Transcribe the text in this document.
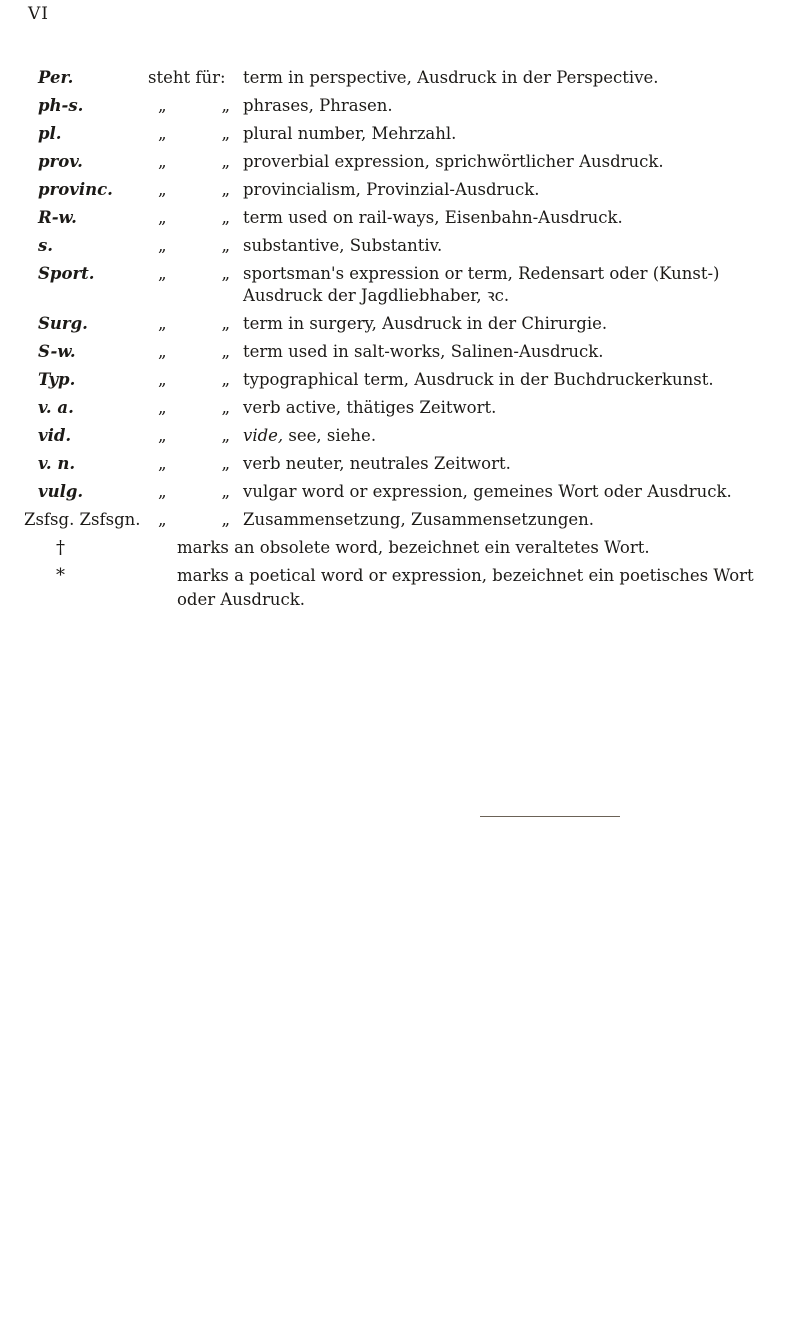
VI
Per.	steht für: term in perspective, Ausdruck in der Perspective.
ph-s.	„	„ phrases, Phrasen.
pl.	„	„ plural number, Mehrzahl.
prov.	„	„ proverbial expression, sprichwörtlicher Ausdruck.
provinc.	„	„ provincialism, Provinzial-Ausdruck.
R-w.	„	„ term used on rail-ways, Eisenbahn-Ausdruck.
s.	„	„ substantive, Substantiv.
Sport.	„	„ sportsman's expression or term, Redensart oder (Kunst-) Ausdruck der Jagdliebhaber, ꝛc.
Surg.	„	„ term in surgery, Ausdruck in der Chirurgie.
S-w.	„	„ term used in salt-works, Salinen-Ausdruck.
Typ.	„	„ typographical term, Ausdruck in der Buchdruckerkunst.
v. a.	„	„ verb active, thätiges Zeitwort.
vid.	„	„ vide, see, siehe.
v. n.	„	„ verb neuter, neutrales Zeitwort.
vulg.	„	„ vulgar word or expression, gemeines Wort oder Ausdruck.
Zsfsg. Zsfsgn. „	„ Zusammensetzung, Zusammensetzungen.
†	marks an obsolete word, bezeichnet ein veraltetes Wort.
*	marks a poetical word or expression, bezeichnet ein poetisches Wort oder Ausdruck.
